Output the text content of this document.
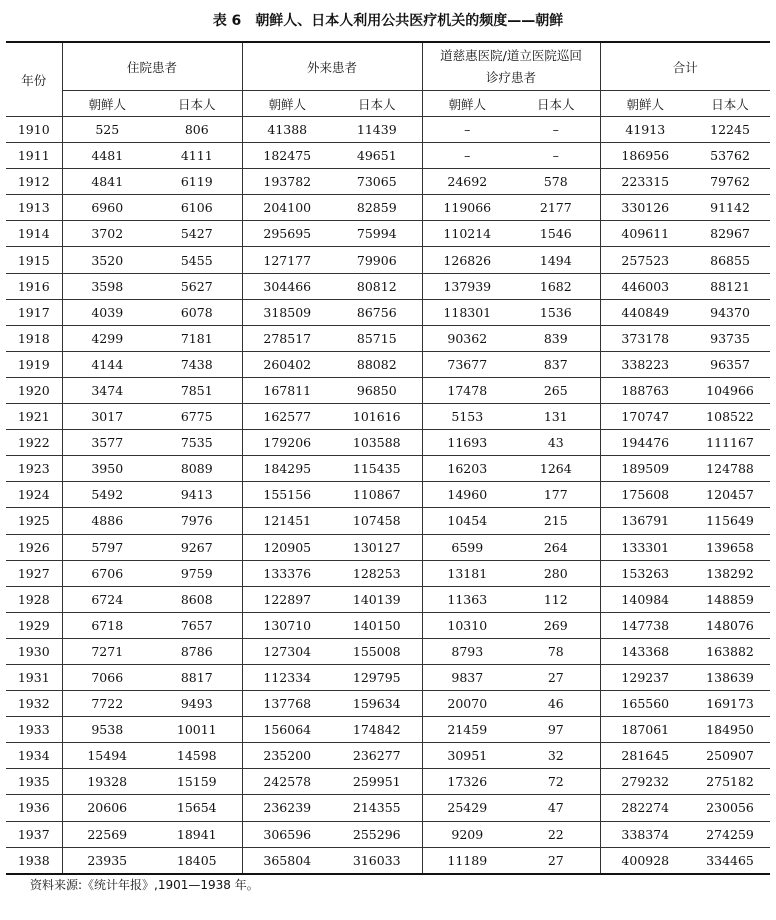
表 6 朝鲜人、日本人利用公共医疗机关的频度——朝鲜
年份	住院患者		外来患者		道慈惠医院/道立医院巡回诊疗患者		合计	
	朝鲜人	日本人	朝鲜人	日本人	朝鲜人	日本人	朝鲜人	日本人
1910	525	806	41388	11439	–	–	41913	12245
1911	4481	4111	182475	49651	–	–	186956	53762
1912	4841	6119	193782	73065	24692	578	223315	79762
1913	6960	6106	204100	82859	119066	2177	330126	91142
1914	3702	5427	295695	75994	110214	1546	409611	82967
1915	3520	5455	127177	79906	126826	1494	257523	86855
1916	3598	5627	304466	80812	137939	1682	446003	88121
1917	4039	6078	318509	86756	118301	1536	440849	94370
1918	4299	7181	278517	85715	90362	839	373178	93735
1919	4144	7438	260402	88082	73677	837	338223	96357
1920	3474	7851	167811	96850	17478	265	188763	104966
1921	3017	6775	162577	101616	5153	131	170747	108522
1922	3577	7535	179206	103588	11693	43	194476	111167
1923	3950	8089	184295	115435	16203	1264	189509	124788
1924	5492	9413	155156	110867	14960	177	175608	120457
1925	4886	7976	121451	107458	10454	215	136791	115649
1926	5797	9267	120905	130127	6599	264	133301	139658
1927	6706	9759	133376	128253	13181	280	153263	138292
1928	6724	8608	122897	140139	11363	112	140984	148859
1929	6718	7657	130710	140150	10310	269	147738	148076
1930	7271	8786	127304	155008	8793	78	143368	163882
1931	7066	8817	112334	129795	9837	27	129237	138639
1932	7722	9493	137768	159634	20070	46	165560	169173
1933	9538	10011	156064	174842	21459	97	187061	184950
1934	15494	14598	235200	236277	30951	32	281645	250907
1935	19328	15159	242578	259951	17326	72	279232	275182
1936	20606	15654	236239	214355	25429	47	282274	230056
1937	22569	18941	306596	255296	9209	22	338374	274259
1938	23935	18405	365804	316033	11189	27	400928	334465
资料来源:《统计年报》,1901—1938 年。
